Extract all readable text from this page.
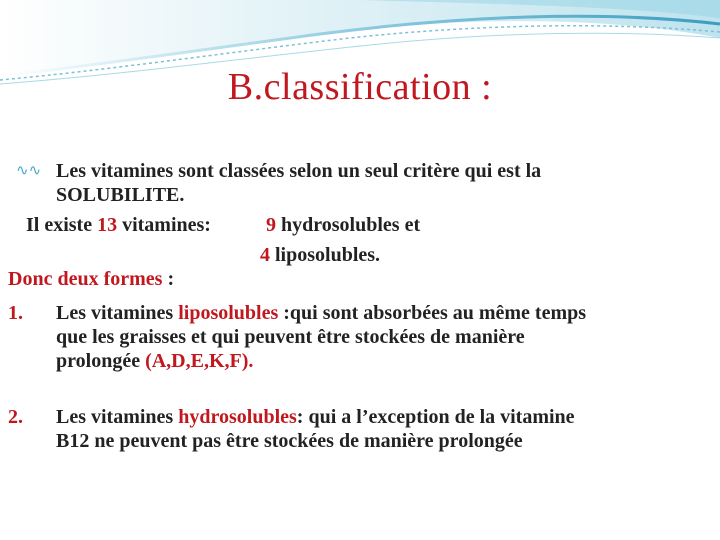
B.classification :
∿∿ Les vitamines sont classées selon un seul critère qui est la
SOLUBILITE.
Il existe 13 vitamines:	9 hydrosolubles et
4 liposolubles.
Donc deux formes :
1. Les vitamines liposolubles :qui sont absorbées au même temps
que les graisses et qui peuvent être stockées de manière
prolongée (A,D,E,K,F).
2. Les vitamines hydrosolubles: qui a l’exception de la vitamine
B12 ne peuvent pas être stockées de manière prolongée
